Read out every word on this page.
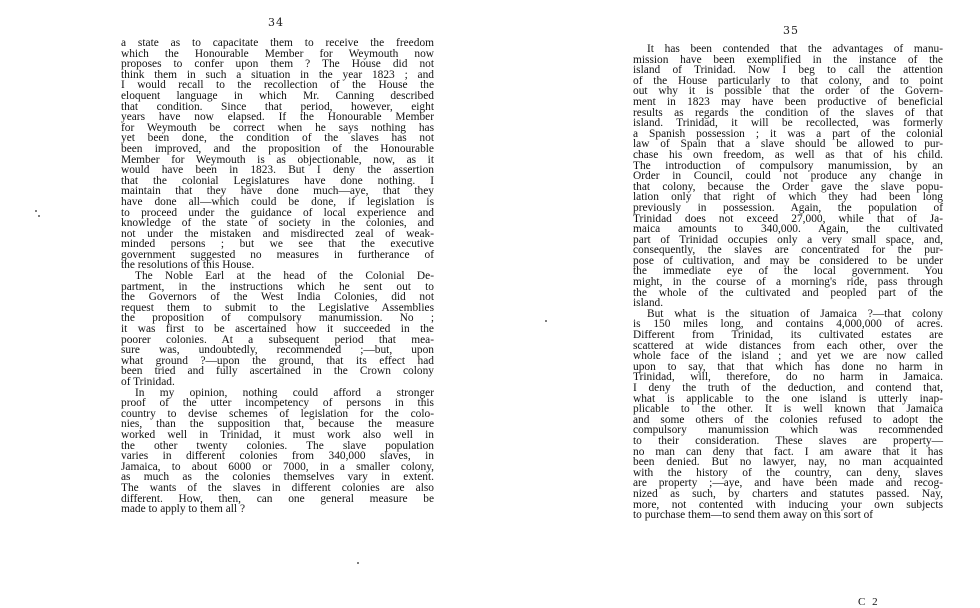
34
35
a state as to capacitate them to receive the freedom
which the Honourable Member for Weymouth now
proposes to confer upon them ? The House did not
think them in such a situation in the year 1823 ; and
I would recall to the recollection of the House the
eloquent language in which Mr. Canning described
that condition. Since that period, however, eight
years have now elapsed. If the Honourable Member
for Weymouth be correct when he says nothing has
yet been done, the condition of the slaves has not
been improved, and the proposition of the Honourable
Member for Weymouth is as objectionable, now, as it
would have been in 1823. But I deny the assertion
that the colonial Legislatures have done nothing. I
maintain that they have done much—aye, that they
have done all—which could be done, if legislation is
to proceed under the guidance of local experience and
knowledge of the state of society in the colonies, and
not under the mistaken and misdirected zeal of weak-
minded persons ; but we see that the executive
government suggested no measures in furtherance of
the resolutions of this House.
The Noble Earl at the head of the Colonial De-
partment, in the instructions which he sent out to
the Governors of the West India Colonies, did not
request them to submit to the Legislative Assemblies
the proposition of compulsory manumission. No ;
it was first to be ascertained how it succeeded in the
poorer colonies. At a subsequent period that mea-
sure was, undoubtedly, recommended ;—but, upon
what ground ?—upon the ground, that its effect had
been tried and fully ascertained in the Crown colony
of Trinidad.
In my opinion, nothing could afford a stronger
proof of the utter incompetency of persons in this
country to devise schemes of legislation for the colo-
nies, than the supposition that, because the measure
worked well in Trinidad, it must work also well in
the other twenty colonies. The slave population
varies in different colonies from 340,000 slaves, in
Jamaica, to about 6000 or 7000, in a smaller colony,
as much as the colonies themselves vary in extent.
The wants of the slaves in different colonies are also
different. How, then, can one general measure be
made to apply to them all ?
It has been contended that the advantages of manu-
mission have been exemplified in the instance of the
island of Trinidad. Now I beg to call the attention
of the House particularly to that colony, and to point
out why it is possible that the order of the Govern-
ment in 1823 may have been productive of beneficial
results as regards the condition of the slaves of that
island. Trinidad, it will be recollected, was formerly
a Spanish possession ; it was a part of the colonial
law of Spain that a slave should be allowed to pur-
chase his own freedom, as well as that of his child.
The introduction of compulsory manumission, by an
Order in Council, could not produce any change in
that colony, because the Order gave the slave popu-
lation only that right of which they had been long
previously in possession. Again, the population of
Trinidad does not exceed 27,000, while that of Ja-
maica amounts to 340,000. Again, the cultivated
part of Trinidad occupies only a very small space, and,
consequently, the slaves are concentrated for the pur-
pose of cultivation, and may be considered to be under
the immediate eye of the local government. You
might, in the course of a morning's ride, pass through
the whole of the cultivated and peopled part of the
island.
But what is the situation of Jamaica ?—that colony
is 150 miles long, and contains 4,000,000 of acres.
Different from Trinidad, its cultivated estates are
scattered at wide distances from each other, over the
whole face of the island ; and yet we are now called
upon to say, that that which has done no harm in
Trinidad, will, therefore, do no harm in Jamaica.
I deny the truth of the deduction, and contend that,
what is applicable to the one island is utterly inap-
plicable to the other. It is well known that Jamaica
and some others of the colonies refused to adopt the
compulsory manumission which was recommended
to their consideration. These slaves are property—
no man can deny that fact. I am aware that it has
been denied. But no lawyer, nay, no man acquainted
with the history of the country, can deny, slaves
are property ;—aye, and have been made and recog-
nized as such, by charters and statutes passed. Nay,
more, not contented with inducing your own subjects
to purchase them—to send them away on this sort of
C 2
